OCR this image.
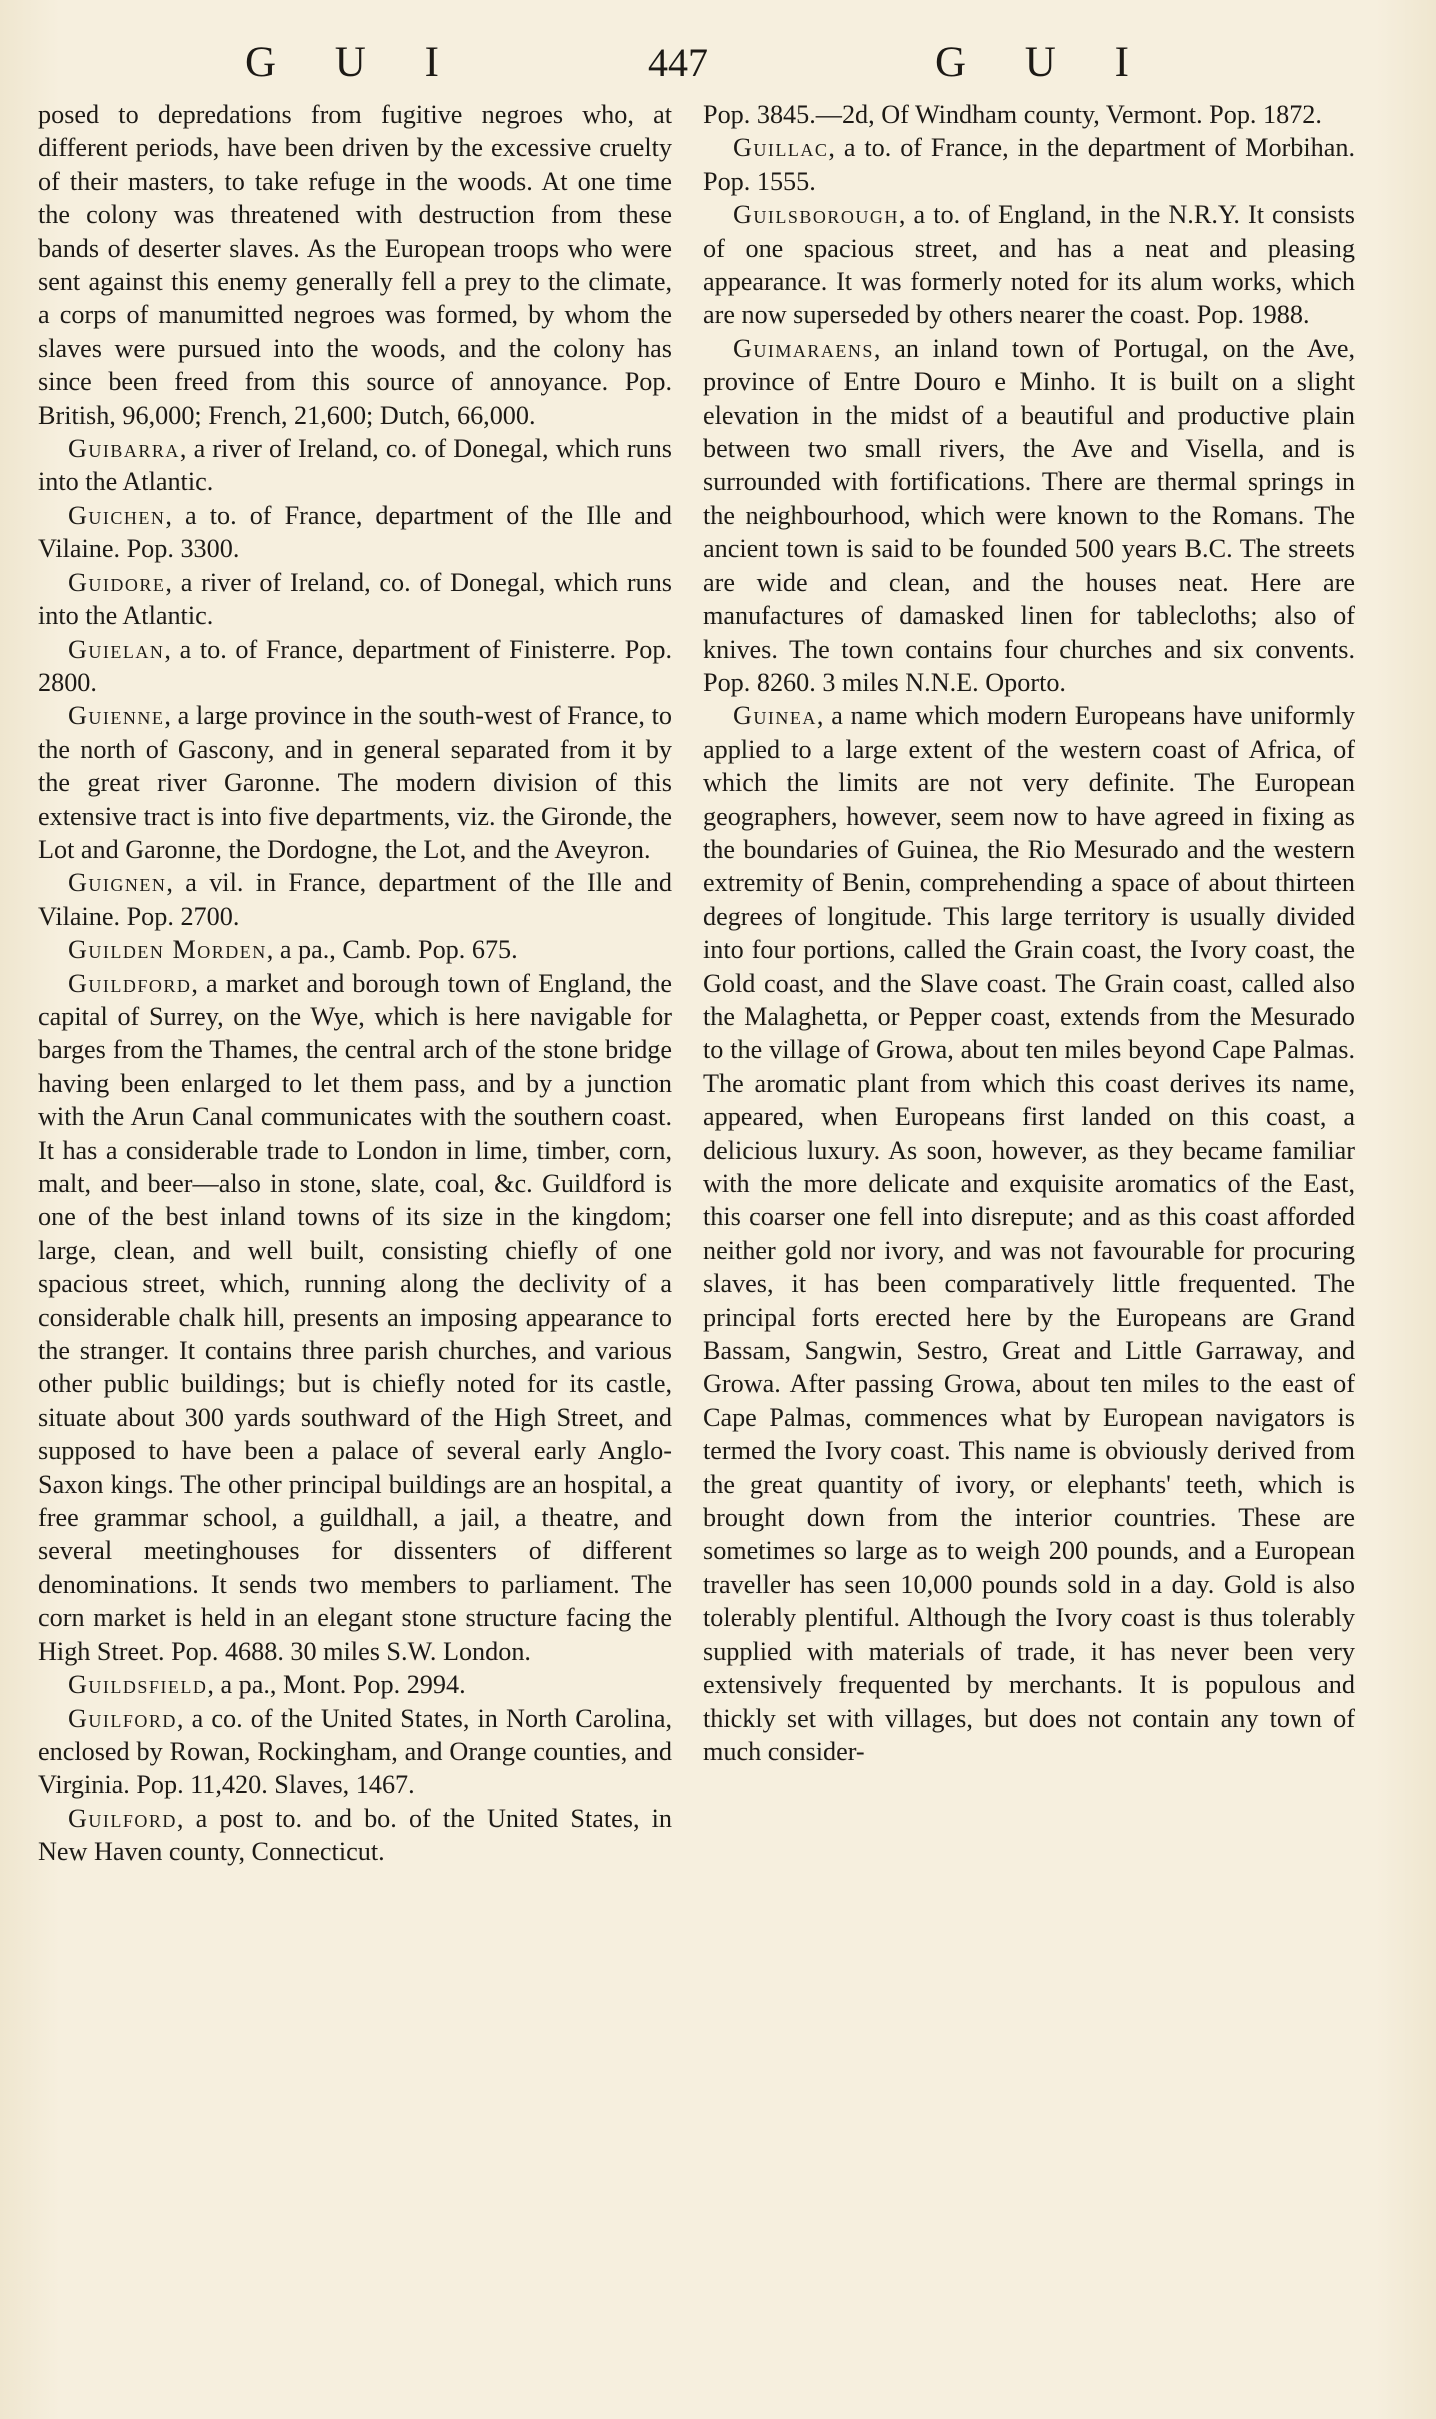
G U I	447	G U I

posed to depredations from fugitive negroes who, at different periods, have been driven by the excessive cruelty of their masters, to take refuge in the woods. At one time the colony was threatened with destruction from these bands of deserter slaves. As the European troops who were sent against this enemy generally fell a prey to the climate, a corps of manumitted negroes was formed, by whom the slaves were pursued into the woods, and the colony has since been freed from this source of annoyance. Pop. British, 96,000; French, 21,600; Dutch, 66,000.

Guibarra, a river of Ireland, co. of Donegal, which runs into the Atlantic.

Guichen, a to. of France, department of the Ille and Vilaine. Pop. 3300.

Guidore, a river of Ireland, co. of Donegal, which runs into the Atlantic.

Guielan, a to. of France, department of Finisterre. Pop. 2800.

Guienne, a large province in the south-west of France, to the north of Gascony, and in general separated from it by the great river Garonne. The modern division of this extensive tract is into five departments, viz. the Gironde, the Lot and Garonne, the Dordogne, the Lot, and the Aveyron.

Guignen, a vil. in France, department of the Ille and Vilaine. Pop. 2700.

Guilden Morden, a pa., Camb. Pop. 675.

Guildford, a market and borough town of England, the capital of Surrey, on the Wye, which is here navigable for barges from the Thames, the central arch of the stone bridge having been enlarged to let them pass, and by a junction with the Arun Canal communicates with the southern coast. It has a considerable trade to London in lime, timber, corn, malt, and beer—also in stone, slate, coal, &c. Guildford is one of the best inland towns of its size in the kingdom; large, clean, and well built, consisting chiefly of one spacious street, which, running along the declivity of a considerable chalk hill, presents an imposing appearance to the stranger. It contains three parish churches, and various other public buildings; but is chiefly noted for its castle, situate about 300 yards southward of the High Street, and supposed to have been a palace of several early Anglo-Saxon kings. The other principal buildings are an hospital, a free grammar school, a guildhall, a jail, a theatre, and several meetinghouses for dissenters of different denominations. It sends two members to parliament. The corn market is held in an elegant stone structure facing the High Street. Pop. 4688. 30 miles S.W. London.

Guildsfield, a pa., Mont. Pop. 2994.

Guilford, a co. of the United States, in North Carolina, enclosed by Rowan, Rockingham, and Orange counties, and Virginia. Pop. 11,420. Slaves, 1467.

Guilford, a post to. and bo. of the United States, in New Haven county, Connecticut.

Pop. 3845.—2d, Of Windham county, Vermont. Pop. 1872.

Guillac, a to. of France, in the department of Morbihan. Pop. 1555.

Guilsborough, a to. of England, in the N.R.Y. It consists of one spacious street, and has a neat and pleasing appearance. It was formerly noted for its alum works, which are now superseded by others nearer the coast. Pop. 1988.

Guimaraens, an inland town of Portugal, on the Ave, province of Entre Douro e Minho. It is built on a slight elevation in the midst of a beautiful and productive plain between two small rivers, the Ave and Visella, and is surrounded with fortifications. There are thermal springs in the neighbourhood, which were known to the Romans. The ancient town is said to be founded 500 years B.C. The streets are wide and clean, and the houses neat. Here are manufactures of damasked linen for tablecloths; also of knives. The town contains four churches and six convents. Pop. 8260. 3 miles N.N.E. Oporto.

Guinea, a name which modern Europeans have uniformly applied to a large extent of the western coast of Africa, of which the limits are not very definite. The European geographers, however, seem now to have agreed in fixing as the boundaries of Guinea, the Rio Mesurado and the western extremity of Benin, comprehending a space of about thirteen degrees of longitude. This large territory is usually divided into four portions, called the Grain coast, the Ivory coast, the Gold coast, and the Slave coast. The Grain coast, called also the Malaghetta, or Pepper coast, extends from the Mesurado to the village of Growa, about ten miles beyond Cape Palmas. The aromatic plant from which this coast derives its name, appeared, when Europeans first landed on this coast, a delicious luxury. As soon, however, as they became familiar with the more delicate and exquisite aromatics of the East, this coarser one fell into disrepute; and as this coast afforded neither gold nor ivory, and was not favourable for procuring slaves, it has been comparatively little frequented. The principal forts erected here by the Europeans are Grand Bassam, Sangwin, Sestro, Great and Little Garraway, and Growa. After passing Growa, about ten miles to the east of Cape Palmas, commences what by European navigators is termed the Ivory coast. This name is obviously derived from the great quantity of ivory, or elephants' teeth, which is brought down from the interior countries. These are sometimes so large as to weigh 200 pounds, and a European traveller has seen 10,000 pounds sold in a day. Gold is also tolerably plentiful. Although the Ivory coast is thus tolerably supplied with materials of trade, it has never been very extensively frequented by merchants. It is populous and thickly set with villages, but does not contain any town of much consider-
